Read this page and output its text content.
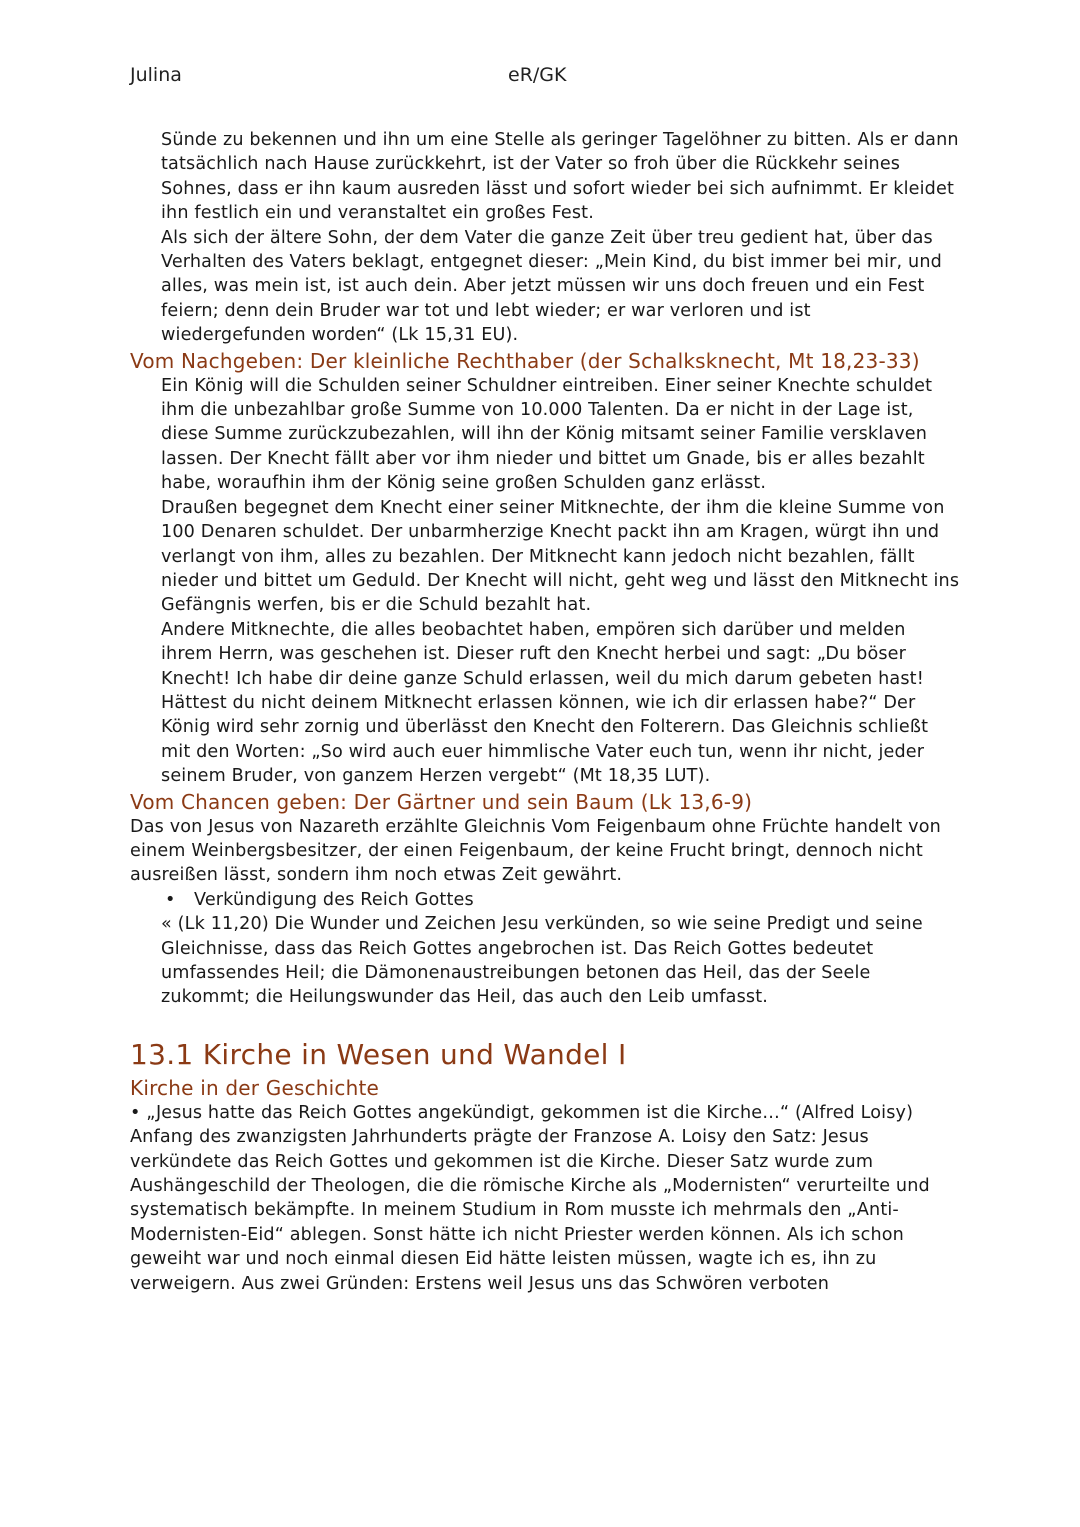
Julina	eR/GK

Sünde zu bekennen und ihn um eine Stelle als geringer Tagelöhner zu bitten. Als er dann tatsächlich nach Hause zurückkehrt, ist der Vater so froh über die Rückkehr seines Sohnes, dass er ihn kaum ausreden lässt und sofort wieder bei sich aufnimmt. Er kleidet ihn festlich ein und veranstaltet ein großes Fest.

Als sich der ältere Sohn, der dem Vater die ganze Zeit über treu gedient hat, über das Verhalten des Vaters beklagt, entgegnet dieser: „Mein Kind, du bist immer bei mir, und alles, was mein ist, ist auch dein. Aber jetzt müssen wir uns doch freuen und ein Fest feiern; denn dein Bruder war tot und lebt wieder; er war verloren und ist wiedergefunden worden“ (Lk 15,31 EU).

Vom Nachgeben: Der kleinliche Rechthaber (der Schalksknecht, Mt 18,23-33)

Ein König will die Schulden seiner Schuldner eintreiben. Einer seiner Knechte schuldet ihm die unbezahlbar große Summe von 10.000 Talenten. Da er nicht in der Lage ist, diese Summe zurückzubezahlen, will ihn der König mitsamt seiner Familie versklaven lassen. Der Knecht fällt aber vor ihm nieder und bittet um Gnade, bis er alles bezahlt habe, woraufhin ihm der König seine großen Schulden ganz erlässt.

Draußen begegnet dem Knecht einer seiner Mitknechte, der ihm die kleine Summe von 100 Denaren schuldet. Der unbarmherzige Knecht packt ihn am Kragen, würgt ihn und verlangt von ihm, alles zu bezahlen. Der Mitknecht kann jedoch nicht bezahlen, fällt nieder und bittet um Geduld. Der Knecht will nicht, geht weg und lässt den Mitknecht ins Gefängnis werfen, bis er die Schuld bezahlt hat.

Andere Mitknechte, die alles beobachtet haben, empören sich darüber und melden ihrem Herrn, was geschehen ist. Dieser ruft den Knecht herbei und sagt: „Du böser Knecht! Ich habe dir deine ganze Schuld erlassen, weil du mich darum gebeten hast! Hättest du nicht deinem Mitknecht erlassen können, wie ich dir erlassen habe?“ Der König wird sehr zornig und überlässt den Knecht den Folterern. Das Gleichnis schließt mit den Worten: „So wird auch euer himmlische Vater euch tun, wenn ihr nicht, jeder seinem Bruder, von ganzem Herzen vergebt“ (Mt 18,35 LUT).

Vom Chancen geben: Der Gärtner und sein Baum (Lk 13,6-9)

Das von Jesus von Nazareth erzählte Gleichnis Vom Feigenbaum ohne Früchte handelt von einem Weinbergsbesitzer, der einen Feigenbaum, der keine Frucht bringt, dennoch nicht ausreißen lässt, sondern ihm noch etwas Zeit gewährt.

• Verkündigung des Reich Gottes

« (Lk 11,20) Die Wunder und Zeichen Jesu verkünden, so wie seine Predigt und seine Gleichnisse, dass das Reich Gottes angebrochen ist. Das Reich Gottes bedeutet umfassendes Heil; die Dämonenaustreibungen betonen das Heil, das der Seele zukommt; die Heilungswunder das Heil, das auch den Leib umfasst.

13.1 Kirche in Wesen und Wandel I
Kirche in der Geschichte

• „Jesus hatte das Reich Gottes angekündigt, gekommen ist die Kirche…“ (Alfred Loisy)

Anfang des zwanzigsten Jahrhunderts prägte der Franzose A. Loisy den Satz: Jesus verkündete das Reich Gottes und gekommen ist die Kirche. Dieser Satz wurde zum Aushängeschild der Theologen, die die römische Kirche als „Modernisten“ verurteilte und systematisch bekämpfte. In meinem Studium in Rom musste ich mehrmals den „Anti-Modernisten-Eid“ ablegen. Sonst hätte ich nicht Priester werden können. Als ich schon geweiht war und noch einmal diesen Eid hätte leisten müssen, wagte ich es, ihn zu verweigern. Aus zwei Gründen: Erstens weil Jesus uns das Schwören verboten
